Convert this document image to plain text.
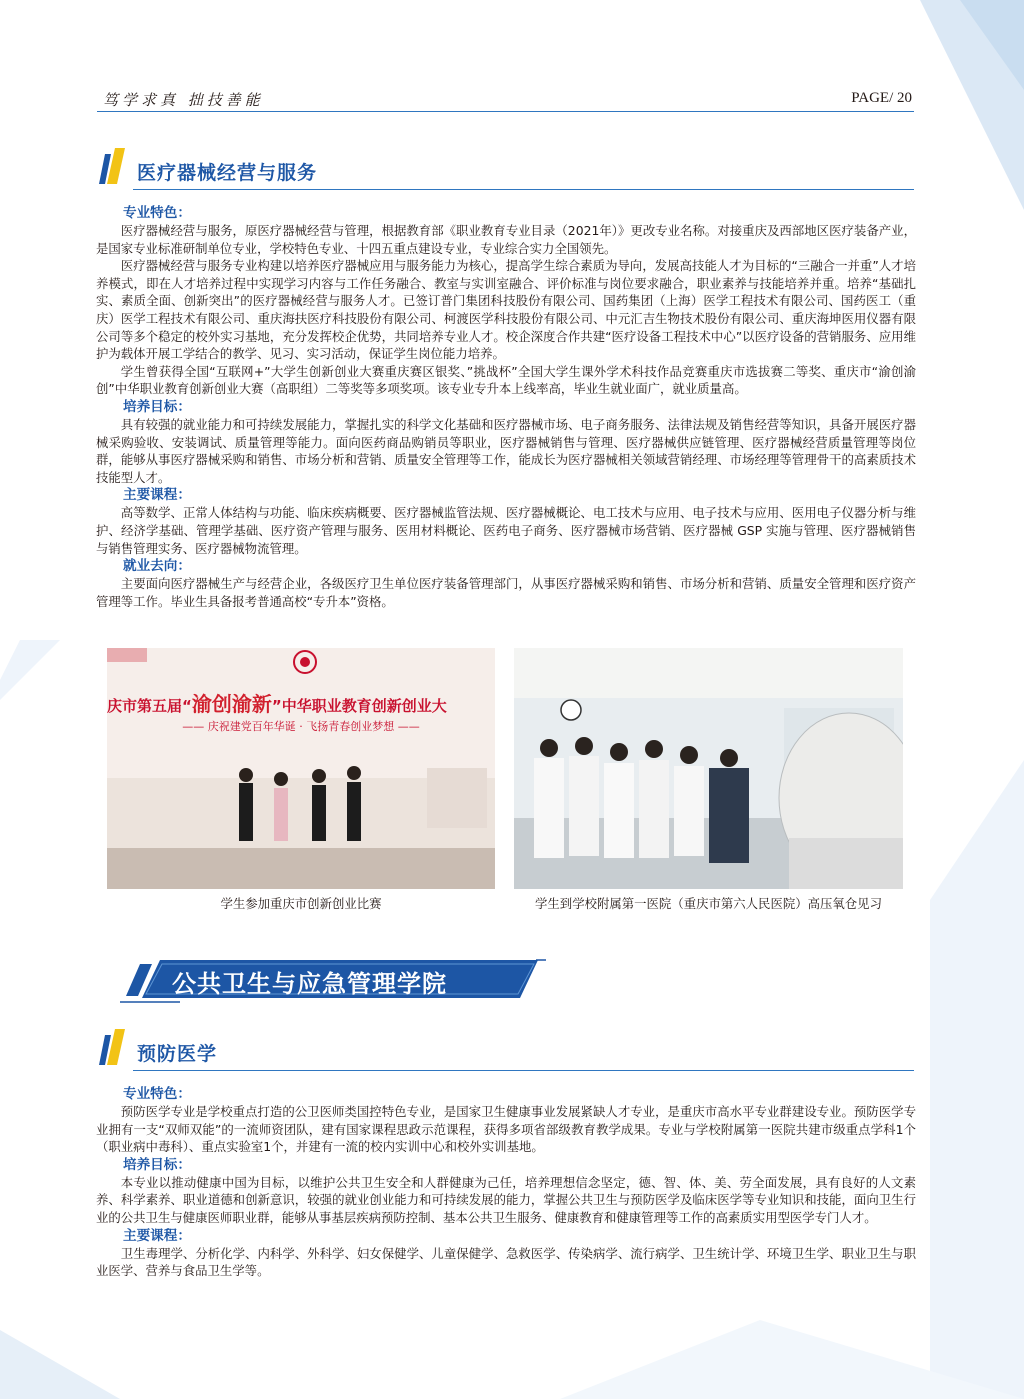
笃学求真 拙技善能	PAGE/ 20
医疗器械经营与服务
专业特色：

医疗器械经营与服务，原医疗器械经营与管理，根据教育部《职业教育专业目录（2021年）》更改专业名称。对接重庆及西部地区医疗装备产业，是国家专业标准研制单位专业，学校特色专业、十四五重点建设专业，专业综合实力全国领先。

医疗器械经营与服务专业构建以培养医疗器械应用与服务能力为核心，提高学生综合素质为导向，发展高技能人才为目标的“三融合一并重”人才培养模式，即在人才培养过程中实现学习内容与工作任务融合、教室与实训室融合、评价标准与岗位要求融合，职业素养与技能培养并重。培养“基础扎实、素质全面、创新突出”的医疗器械经营与服务人才。已签订普门集团科技股份有限公司、国药集团（上海）医学工程技术有限公司、国药医工（重庆）医学工程技术有限公司、重庆海扶医疗科技股份有限公司、柯渡医学科技股份有限公司、中元汇吉生物技术股份有限公司、重庆海坤医用仪器有限公司等多个稳定的校外实习基地，充分发挥校企优势，共同培养专业人才。校企深度合作共建“医疗设备工程技术中心”以医疗设备的营销服务、应用维护为载体开展工学结合的教学、见习、实习活动，保证学生岗位能力培养。

学生曾获得全国“互联网+”大学生创新创业大赛重庆赛区银奖、”挑战杯”全国大学生课外学术科技作品竞赛重庆市选拔赛二等奖、重庆市“渝创渝创”中华职业教育创新创业大赛（高职组）二等奖等多项奖项。该专业专升本上线率高，毕业生就业面广，就业质量高。

培养目标：

具有较强的就业能力和可持续发展能力，掌握扎实的科学文化基础和医疗器械市场、电子商务服务、法律法规及销售经营等知识，具备开展医疗器械采购验收、安装调试、质量管理等能力。面向医药商品购销员等职业，医疗器械销售与管理、医疗器械供应链管理、医疗器械经营质量管理等岗位群，能够从事医疗器械采购和销售、市场分析和营销、质量安全管理等工作，能成长为医疗器械相关领域营销经理、市场经理等管理骨干的高素质技术技能型人才。

主要课程：

高等数学、正常人体结构与功能、临床疾病概要、医疗器械监管法规、医疗器械概论、电工技术与应用、电子技术与应用、医用电子仪器分析与维护、经济学基础、管理学基础、医疗资产管理与服务、医用材料概论、医药电子商务、医疗器械市场营销、医疗器械 GSP 实施与管理、医疗器械销售与销售管理实务、医疗器械物流管理。

就业去向：

主要面向医疗器械生产与经营企业，各级医疗卫生单位医疗装备管理部门，从事医疗器械采购和销售、市场分析和营销、质量安全管理和医疗资产管理等工作。毕业生具备报考普通高校“专升本”资格。

庆市第五届“渝创渝新”中华职业教育创新创业大
—— 庆祝建党百年华诞 · 飞扬青春创业梦想 ——
学生参加重庆市创新创业比赛	学生到学校附属第一医院（重庆市第六人民医院）高压氧仓见习
公共卫生与应急管理学院
预防医学
专业特色：

预防医学专业是学校重点打造的公卫医师类国控特色专业，是国家卫生健康事业发展紧缺人才专业，是重庆市高水平专业群建设专业。预防医学专业拥有一支“双师双能”的一流师资团队，建有国家课程思政示范课程，获得多项省部级教育教学成果。专业与学校附属第一医院共建市级重点学科1个（职业病中毒科）、重点实验室1个，并建有一流的校内实训中心和校外实训基地。

培养目标：

本专业以推动健康中国为目标，以维护公共卫生安全和人群健康为己任，培养理想信念坚定，德、智、体、美、劳全面发展，具有良好的人文素养、科学素养、职业道德和创新意识，较强的就业创业能力和可持续发展的能力，掌握公共卫生与预防医学及临床医学等专业知识和技能，面向卫生行业的公共卫生与健康医师职业群，能够从事基层疾病预防控制、基本公共卫生服务、健康教育和健康管理等工作的高素质实用型医学专门人才。

主要课程：

卫生毒理学、分析化学、内科学、外科学、妇女保健学、儿童保健学、急救医学、传染病学、流行病学、卫生统计学、环境卫生学、职业卫生与职业医学、营养与食品卫生学等。
